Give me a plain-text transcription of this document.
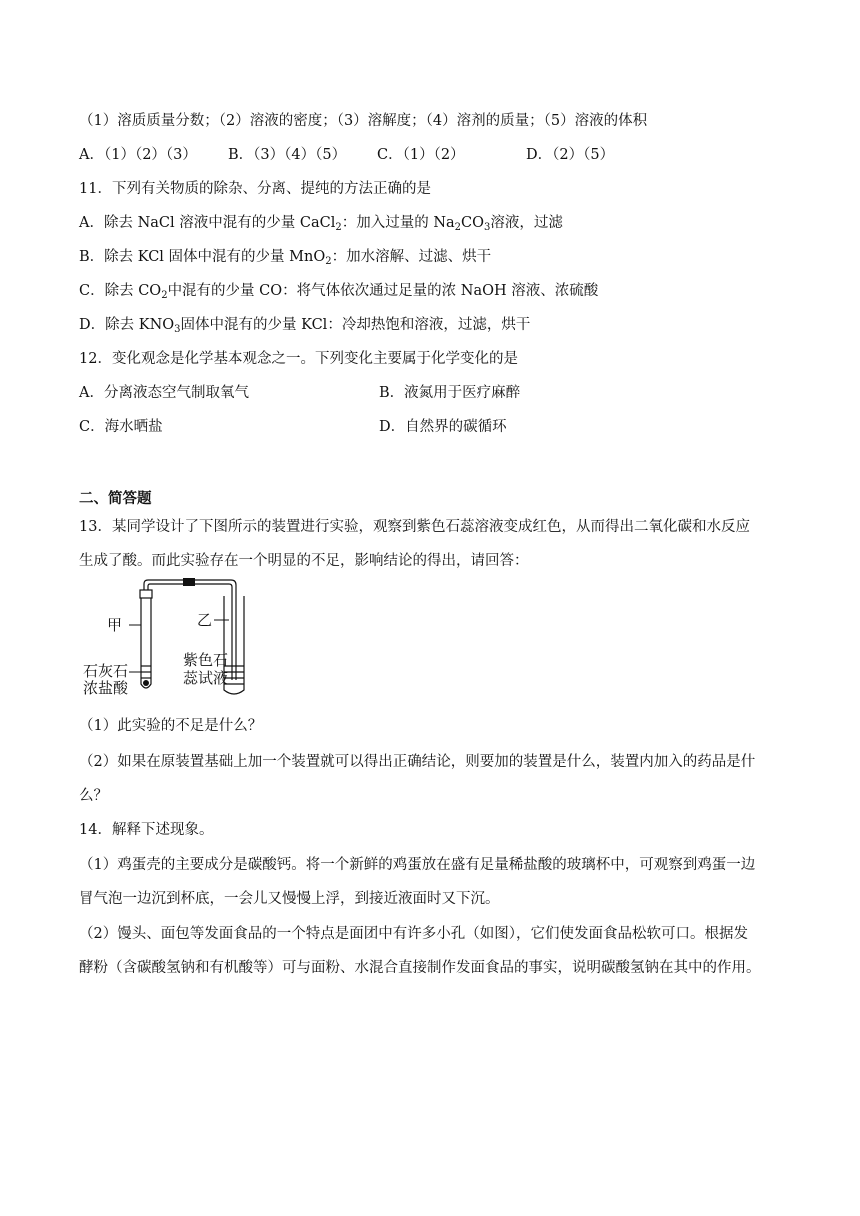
（1）溶质质量分数；（2）溶液的密度；（3）溶解度；（4）溶剂的质量；（5）溶液的体积
A．（1）（2）（3） B．（3）（4）（5） C．（1）（2）	D．（2）（5）
11．下列有关物质的除杂、分离、提纯的方法正确的是
A．除去 NaCl 溶液中混有的少量 CaCl$_2$：加入过量的 $Na_2CO_3$溶液，过滤
B．除去 KCl 固体中混有的少量 MnO$_2$：加水溶解、过滤、烘干
C．除去 $CO_2$中混有的少量 CO：将气体依次通过足量的浓 NaOH 溶液、浓硫酸
D．除去 $KNO_3$固体中混有的少量 KCl：冷却热饱和溶液，过滤，烘干
12．变化观念是化学基本观念之一。下列变化主要属于化学变化的是
A．分离液态空气制取氧气	B．液氮用于医疗麻醉
C．海水晒盐	D．自然界的碳循环
二、简答题
13．某同学设计了下图所示的装置进行实验，观察到紫色石蕊溶液变成红色，从而得出二氧化碳和水反应
生成了酸。而此实验存在一个明显的不足，影响结论的得出，请回答：
甲	乙
石灰石
浓盐酸
紫色石
蕊试液
（1）此实验的不足是什么？
（2）如果在原装置基础上加一个装置就可以得出正确结论，则要加的装置是什么，装置内加入的药品是什
么？
14．解释下述现象。
（1）鸡蛋壳的主要成分是碳酸钙。将一个新鲜的鸡蛋放在盛有足量稀盐酸的玻璃杯中，可观察到鸡蛋一边
冒气泡一边沉到杯底，一会儿又慢慢上浮，到接近液面时又下沉。
（2）馒头、面包等发面食品的一个特点是面团中有许多小孔（如图），它们使发面食品松软可口。根据发
酵粉（含碳酸氢钠和有机酸等）可与面粉、水混合直接制作发面食品的事实，说明碳酸氢钠在其中的作用。
